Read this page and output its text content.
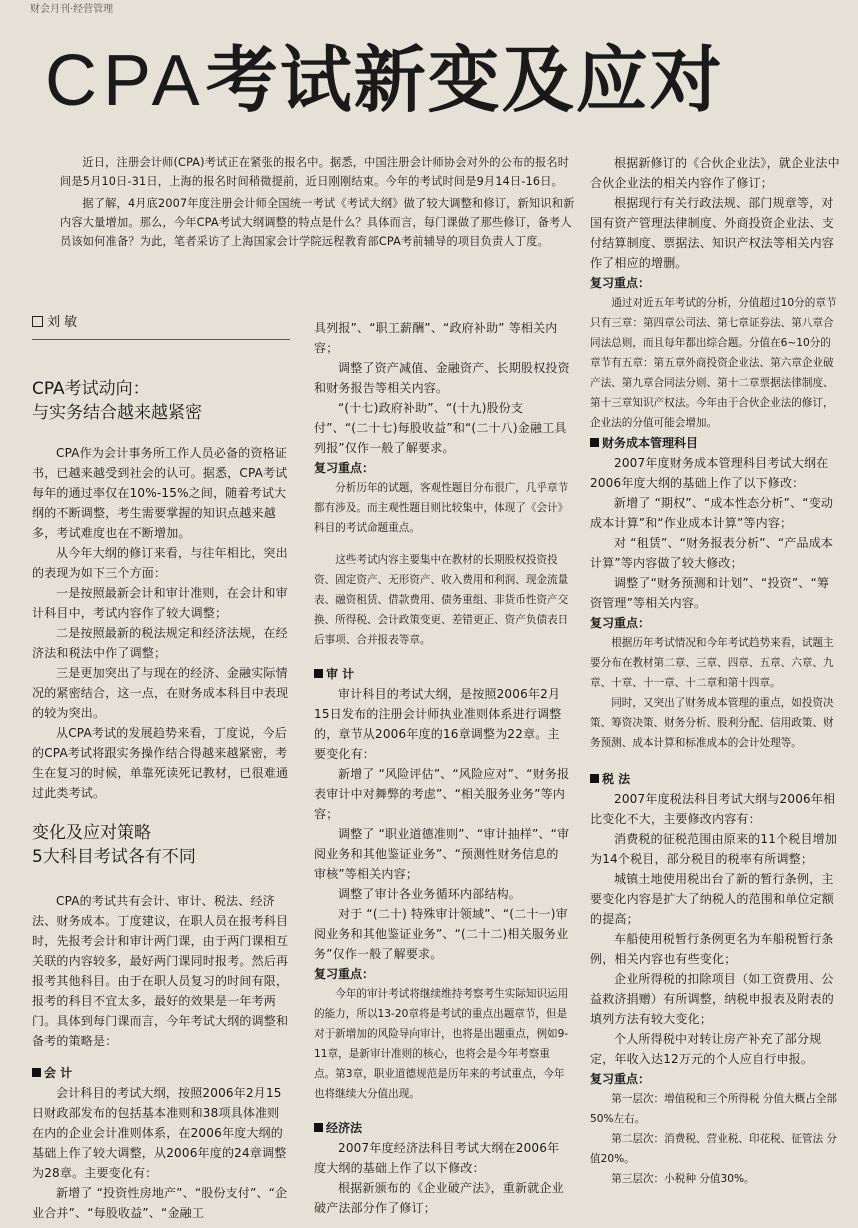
财会月刊·经营管理
CPA考试新变及应对

近日，注册会计师(CPA)考试正在紧张的报名中。据悉，中国注册会计师协会对外的公布的报名时间是5月10日-31日，上海的报名时间稍微提前，近日刚刚结束。今年的考试时间是9月14日-16日。

据了解，4月底2007年度注册会计师全国统一考试《考试大纲》做了较大调整和修订，新知识和新内容大量增加。那么，今年CPA考试大纲调整的特点是什么？具体而言，每门课做了那些修订，备考人员该如何准备？为此，笔者采访了上海国家会计学院远程教育部CPA考前辅导的项目负责人丁度。

刘 敏

CPA考试动向：

与实务结合越来越紧密

CPA作为会计事务所工作人员必备的资格证书，已越来越受到社会的认可。据悉，CPA考试每年的通过率仅在10%-15%之间，随着考试大纲的不断调整，考生需要掌握的知识点越来越多，考试难度也在不断增加。

从今年大纲的修订来看，与往年相比，突出的表现为如下三个方面：

一是按照最新会计和审计准则，在会计和审计科目中，考试内容作了较大调整；

二是按照最新的税法规定和经济法规，在经济法和税法中作了调整；

三是更加突出了与现在的经济、金融实际情况的紧密结合，这一点，在财务成本科目中表现的较为突出。

从CPA考试的发展趋势来看，丁度说，今后的CPA考试将跟实务操作结合得越来越紧密，考生在复习的时候，单靠死读死记教材，已很难通过此类考试。

变化及应对策略

5大科目考试各有不同

CPA的考试共有会计、审计、税法、经济法、财务成本。丁度建议，在职人员在报考科目时，先报考会计和审计两门课，由于两门课相互关联的内容较多，最好两门课同时报考。然后再报考其他科目。由于在职人员复习的时间有限，报考的科目不宜太多，最好的效果是一年考两门。具体到每门课而言，今年考试大纲的调整和备考的策略是：

会 计

会计科目的考试大纲，按照2006年2月15日财政部发布的包括基本准则和38项具体准则在内的企业会计准则体系，在2006年度大纲的基础上作了较大调整，从2006年度的24章调整为28章。主要变化有：

新增了 “投资性房地产”、“股份支付”、“企业合并”、“每股收益”、“金融工

具列报”、“职工薪酬”、“政府补助” 等相关内容；

调整了资产减值、金融资产、长期股权投资和财务报告等相关内容。

“(十七)政府补助”、“(十九)股份支付”、“(二十七)每股收益”和“(二十八)金融工具列报”仅作一般了解要求。

复习重点：

分析历年的试题，客观性题目分布很广，几乎章节都有涉及。而主观性题目则比较集中，体现了《会计》科目的考试命题重点。

这些考试内容主要集中在教材的长期股权投资投资、固定资产、无形资产、收入费用和利润、现金流量表、融资租赁、借款费用、债务重组、非货币性资产交换、所得税、会计政策变更、差错更正、资产负债表日后事项、合并报表等章。

审 计

审计科目的考试大纲，是按照2006年2月15日发布的注册会计师执业准则体系进行调整的，章节从2006年度的16章调整为22章。主要变化有：

新增了 “风险评估”、“风险应对”、“财务报表审计中对舞弊的考虑”、“相关服务业务”等内容；

调整了 “职业道德准则”、“审计抽样”、“审阅业务和其他鉴证业务”、“预测性财务信息的审核”等相关内容；

调整了审计各业务循环内部结构。

对于 “(二十) 特殊审计领域”、“(二十一)审阅业务和其他鉴证业务”、“(二十二)相关服务业务”仅作一般了解要求。

复习重点：

今年的审计考试将继续维持考察考生实际知识运用的能力，所以13-20章将是考试的重点出题章节，但是对于新增加的风险导向审计，也将是出题重点，例如9-11章，是新审计准则的核心，也将会是今年考察重点。第3章，职业道德规范是历年来的考试重点，今年也将继续大分值出现。

经济法

2007年度经济法科目考试大纲在2006年度大纲的基础上作了以下修改：

根据新颁布的《企业破产法》，重新就企业破产法部分作了修订；

根据新修订的《合伙企业法》，就企业法中合伙企业法的相关内容作了修订；

根据现行有关行政法规、部门规章等，对国有资产管理法律制度、外商投资企业法、支付结算制度、票据法、知识产权法等相关内容作了相应的增删。

复习重点：

通过对近五年考试的分析，分值超过10分的章节只有三章：第四章公司法、第七章证券法、第八章合同法总则，而且每年都出综合题。分值在6~10分的章节有五章：第五章外商投资企业法、第六章企业破产法、第九章合同法分则、第十二章票据法律制度、第十三章知识产权法。今年由于合伙企业法的修订，企业法的分值可能会增加。

财务成本管理科目

2007年度财务成本管理科目考试大纲在2006年度大纲的基础上作了以下修改：

新增了 “期权”、“成本性态分析”、“变动成本计算”和“作业成本计算”等内容；

对 “租赁”、“财务报表分析”、“产品成本计算”等内容做了较大修改；

调整了“财务预测和计划”、“投资”、“筹资管理”等相关内容。

复习重点：

根据历年考试情况和今年考试趋势来看，试题主要分布在教材第二章、三章、四章、五章、六章、九章、十章、十一章、十二章和第十四章。

同时，又突出了财务成本管理的重点，如投资决策、筹资决策、财务分析、股利分配、信用政策、财务预测、成本计算和标准成本的会计处理等。

税 法

2007年度税法科目考试大纲与2006年相比变化不大，主要修改内容有：

消费税的征税范围由原来的11个税目增加为14个税目，部分税目的税率有所调整；

城镇土地使用税出台了新的暂行条例，主要变化内容是扩大了纳税人的范围和单位定额的提高；

车船使用税暂行条例更名为车船税暂行条例，相关内容也有些变化；

企业所得税的扣除项目（如工资费用、公益救济捐赠）有所调整，纳税申报表及附表的填列方法有较大变化；

个人所得税中对转让房产补充了部分规定，年收入达12万元的个人应自行申报。

复习重点：

第一层次：增值税和三个所得税 分值大概占全部50%左右。

第二层次：消费税、营业税、印花税、征管法 分值20%。

第三层次：小税种 分值30%。
